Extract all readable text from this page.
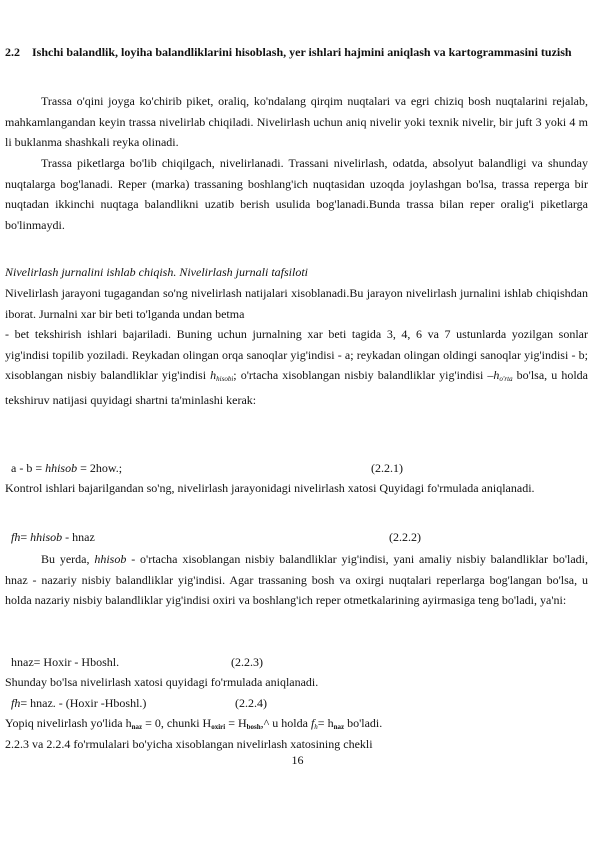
2.2 Ishchi balandlik, loyiha balandliklarini hisoblash, yer ishlari hajmini aniqlash va kartogrammasini tuzish
Trassa o'qini joyga ko'chirib piket, oraliq, ko'ndalang qirqim nuqtalari va egri chiziq bosh nuqtalarini rejalab, mahkamlangandan keyin trassa nivelirlab chiqiladi. Nivelirlash uchun aniq nivelir yoki texnik nivelir, bir juft 3 yoki 4 m li buklanma shashkali reyka olinadi.
Trassa piketlarga bo'lib chiqilgach, nivelirlanadi. Trassani nivelirlash, odatda, absolyut balandligi va shunday nuqtalarga bog'lanadi. Reper (marka) trassaning boshlang'ich nuqtasidan uzoqda joylashgan bo'lsa, trassa reperga bir nuqtadan ikkinchi nuqtaga balandlikni uzatib berish usulida bog'lanadi.Bunda trassa bilan reper oralig'i piketlarga bo'linmaydi.
Nivelirlash jurnalini ishlab chiqish. Nivelirlash jurnali tafsiloti
Nivelirlash jarayoni tugagandan so'ng nivelirlash natijalari xisoblanadi.Bu jarayon nivelirlash jurnalini ishlab chiqishdan iborat. Jurnalni xar bir beti to'lganda undan betma
- bet tekshirish ishlari bajariladi. Buning uchun jurnalning xar beti tagida 3, 4, 6 va 7 ustunlarda yozilgan sonlar yig'indisi topilib yoziladi. Reykadan olingan orqa sanoqlar yig'indisi - a; reykadan olingan oldingi sanoqlar yig'indisi - b; xisoblangan nisbiy balandliklar yig'indisi hhisobi; o'rtacha xisoblangan nisbiy balandliklar yig'indisi –ho'rta bo'lsa, u holda tekshiruv natijasi quyidagi shartni ta'minlashi kerak:
a - b = hhisob = 2how.;	(2.2.1)
Kontrol ishlari bajarilgandan so'ng, nivelirlash jarayonidagi nivelirlash xatosi Quyidagi fo'rmulada aniqlanadi.
fh= hhisob - hnaz	(2.2.2)
Bu yerda, hhisob - o'rtacha xisoblangan nisbiy balandliklar yig'indisi, yani amaliy nisbiy balandliklar bo'ladi, hnaz - nazariy nisbiy balandliklar yig'indisi. Agar trassaning bosh va oxirgi nuqtalari reperlarga bog'langan bo'lsa, u holda nazariy nisbiy balandliklar yig'indisi oxiri va boshlang'ich reper otmetkalarining ayirmasiga teng bo'ladi, ya'ni:
hnaz= Hoxir - Hboshl.	(2.2.3)
Shunday bo'lsa nivelirlash xatosi quyidagi fo'rmulada aniqlanadi.
fh= hnaz. - (Hoxir -Hboshl.)	(2.2.4)
Yopiq nivelirlash yo'lida hnaz = 0, chunki Hoxiri = Hbosh,^ u holda fh= hnaz bo'ladi.
2.2.3 va 2.2.4 fo'rmulalari bo'yicha xisoblangan nivelirlash xatosining chekli
16
